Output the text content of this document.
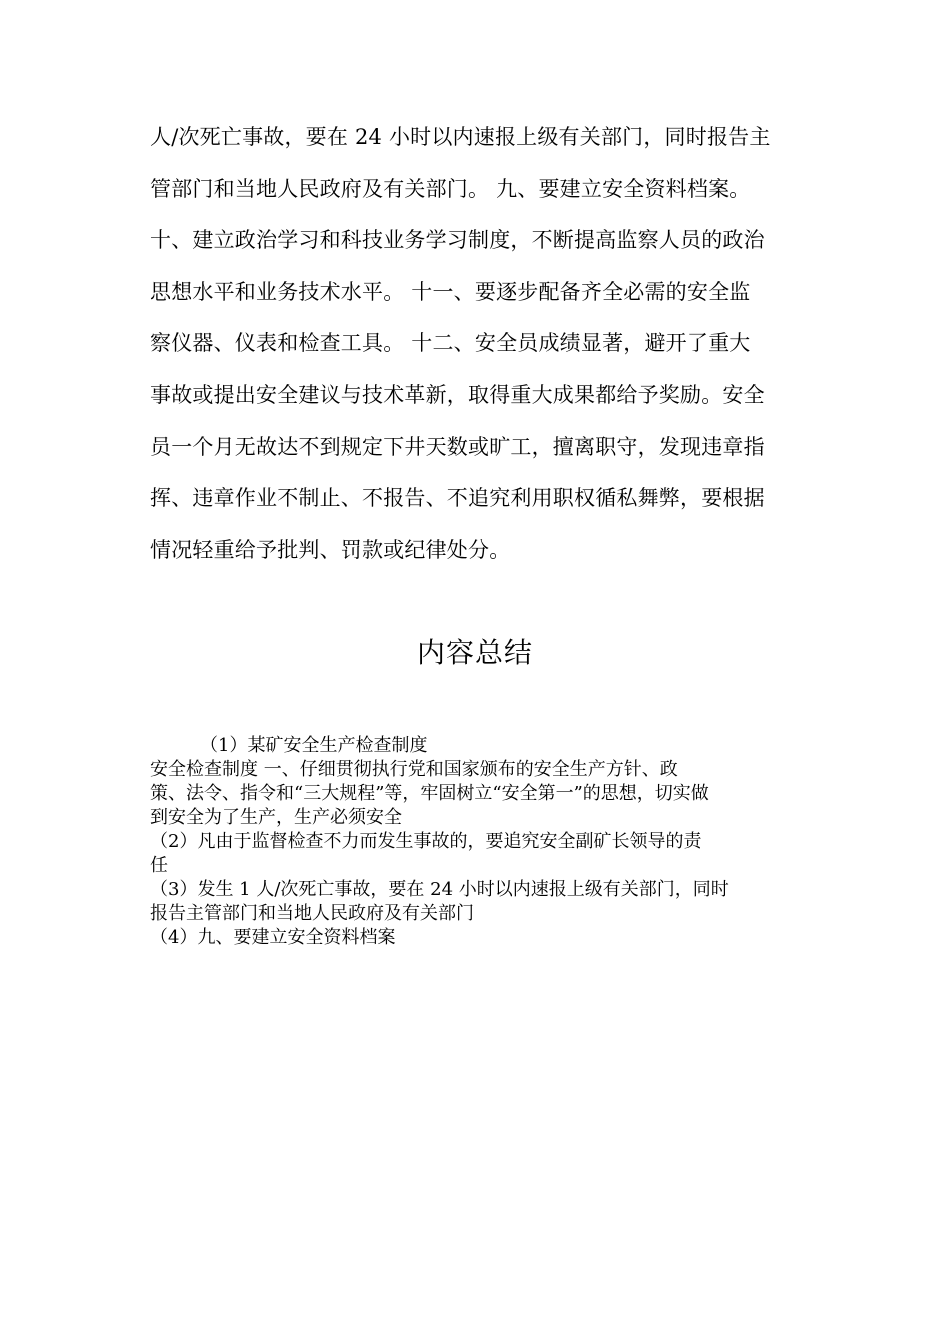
人/次死亡事故，要在 24 小时以内速报上级有关部门，同时报告主
管部门和当地人民政府及有关部门。 九、要建立安全资料档案。
十、建立政治学习和科技业务学习制度，不断提高监察人员的政治
思想水平和业务技术水平。 十一、要逐步配备齐全必需的安全监
察仪器、仪表和检查工具。 十二、安全员成绩显著，避开了重大
事故或提出安全建议与技术革新，取得重大成果都给予奖励。安全
员一个月无故达不到规定下井天数或旷工，擅离职守，发现违章指
挥、违章作业不制止、不报告、不追究利用职权循私舞弊，要根据
情况轻重给予批判、罚款或纪律处分。
内容总结
（1）某矿安全生产检查制度
安全检查制度 一、仔细贯彻执行党和国家颁布的安全生产方针、政
策、法令、指令和“三大规程”等，牢固树立“安全第一”的思想，切实做
到安全为了生产，生产必须安全
（2）凡由于监督检查不力而发生事故的，要追究安全副矿长领导的责
任
（3）发生 1 人/次死亡事故，要在 24 小时以内速报上级有关部门，同时
报告主管部门和当地人民政府及有关部门
（4）九、要建立安全资料档案
